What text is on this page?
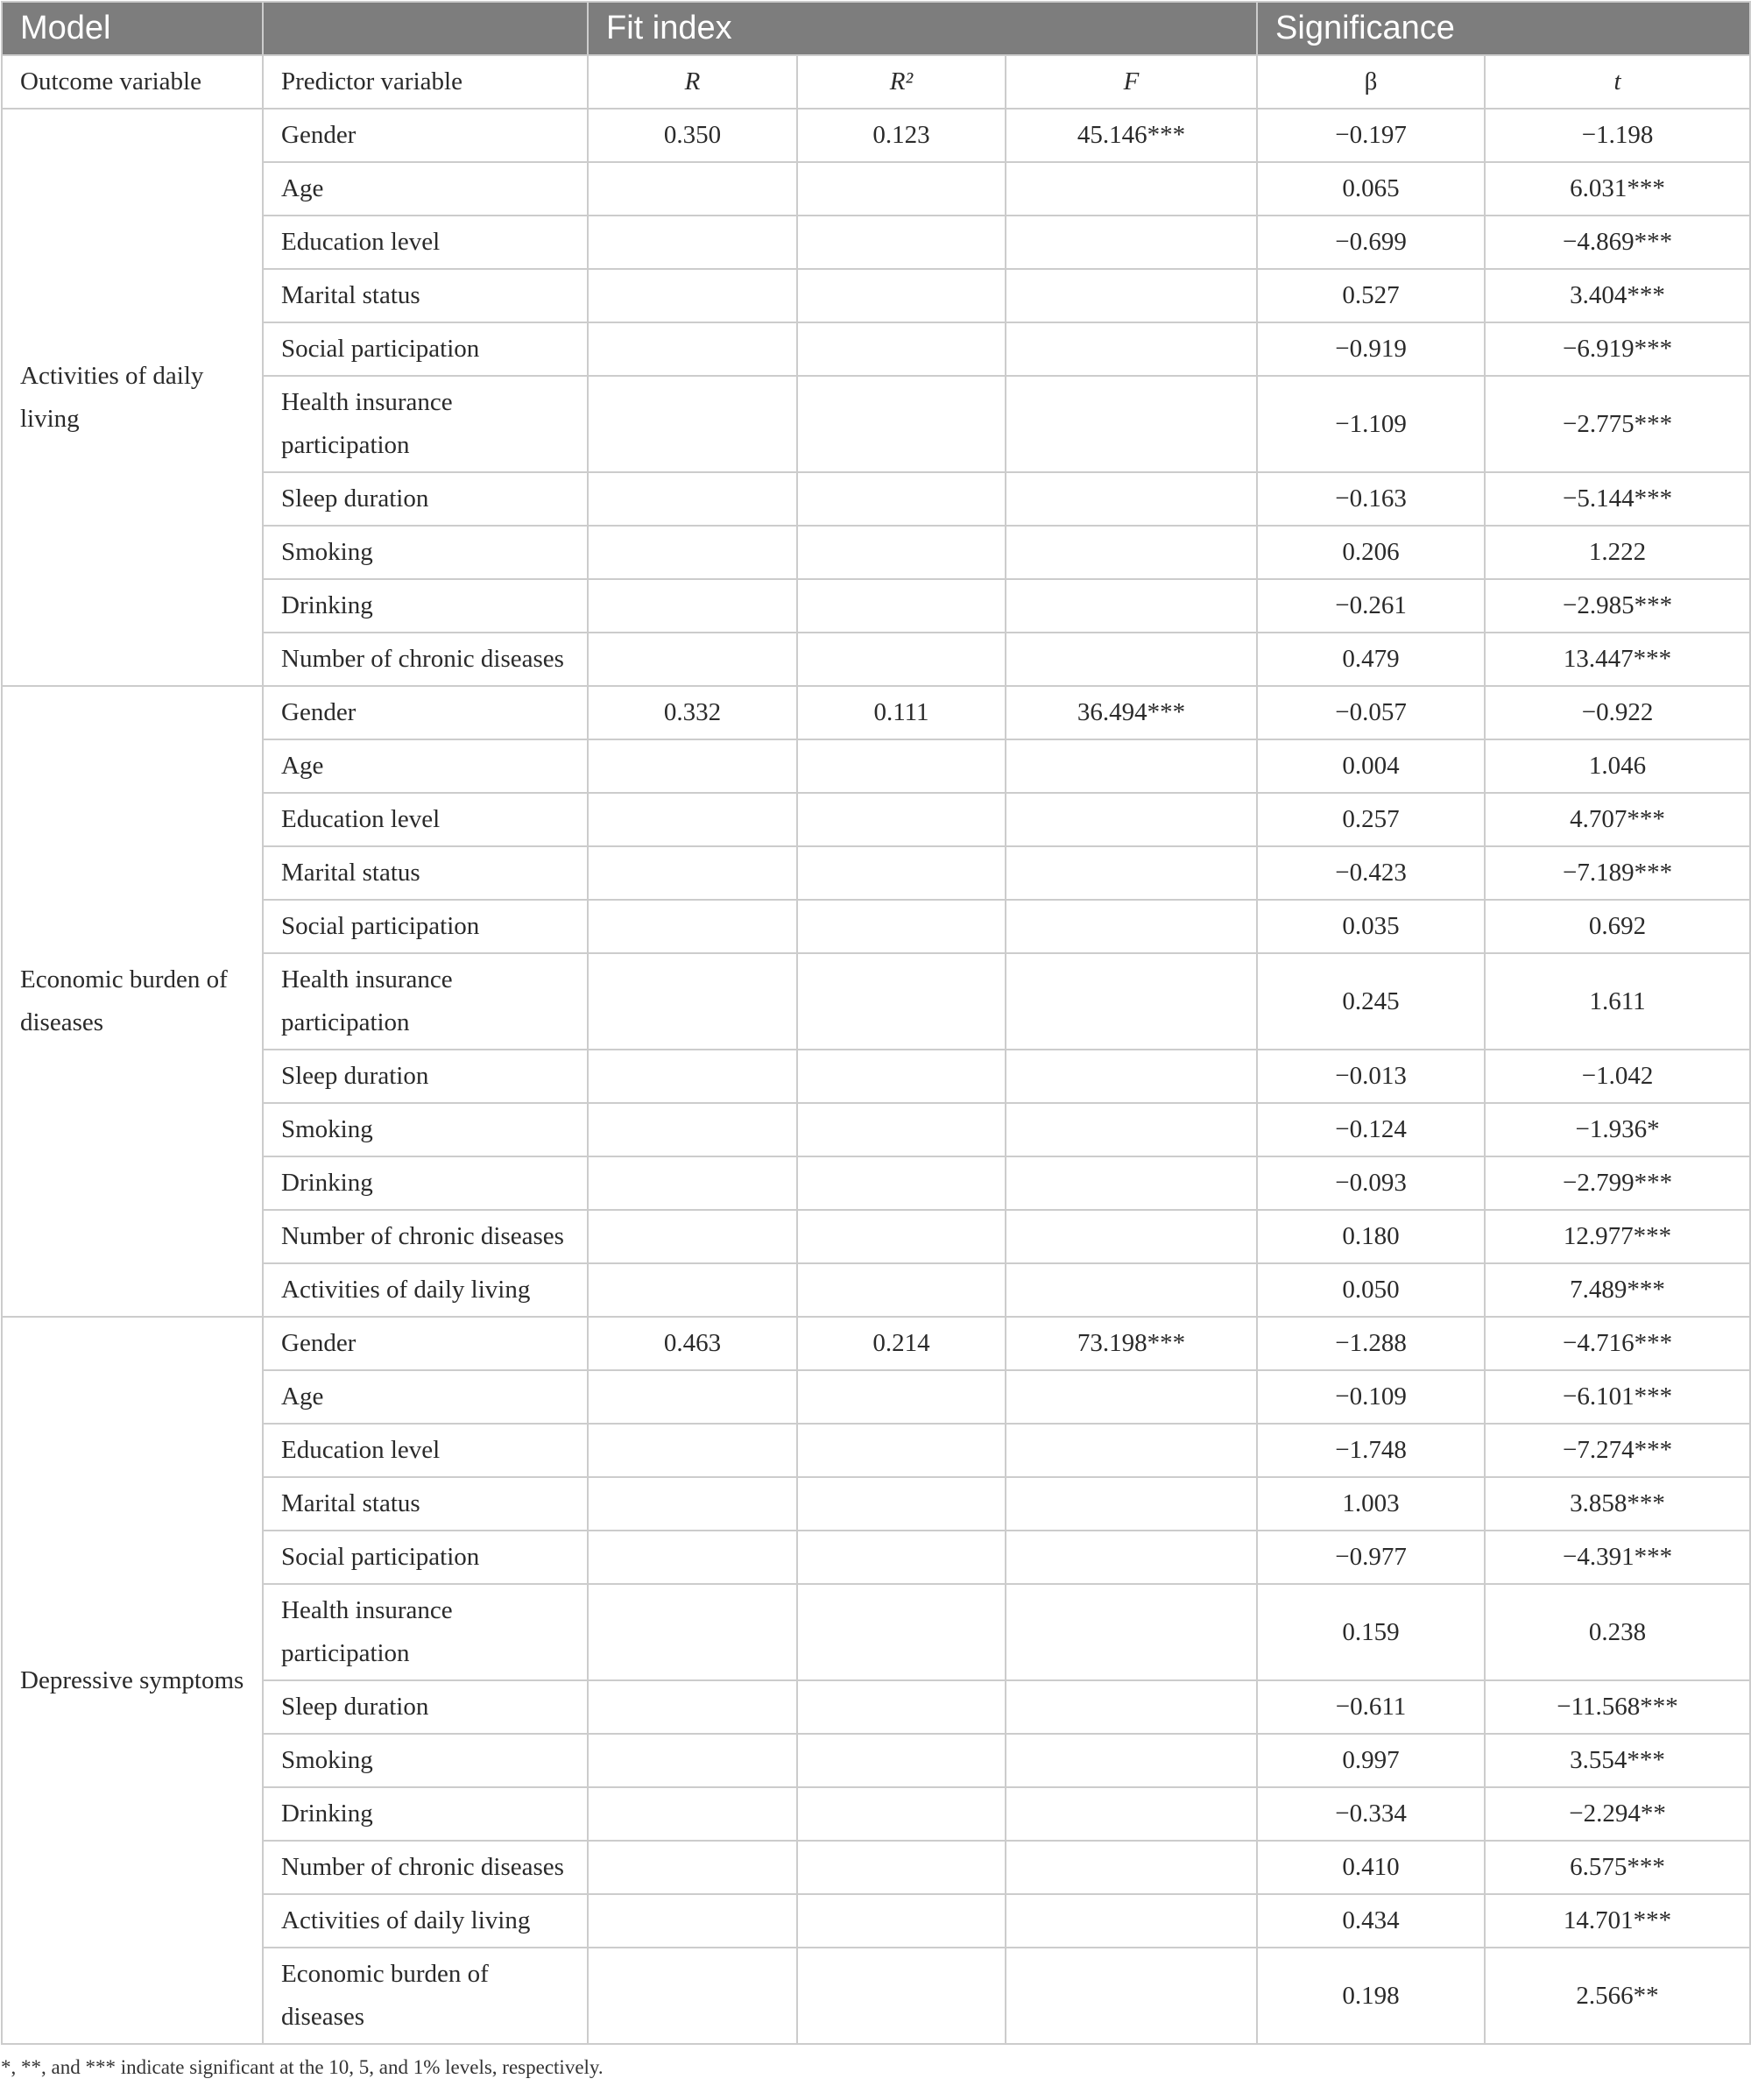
Model		Fit index			Significance	
Outcome variable	Predictor variable	R	R²	F	β	t

Activities of daily living	Gender	0.350	0.123	45.146***	−0.197	−1.198

	Age				0.065	6.031***

	Education level				−0.699	−4.869***

	Marital status				0.527	3.404***

	Social participation				−0.919	−6.919***

	Health insurance participation				−1.109	−2.775***

	Sleep duration				−0.163	−5.144***

	Smoking				0.206	1.222

	Drinking				−0.261	−2.985***

	Number of chronic diseases				0.479	13.447***

Economic burden of diseases	Gender	0.332	0.111	36.494***	−0.057	−0.922

	Age				0.004	1.046

	Education level				0.257	4.707***

	Marital status				−0.423	−7.189***

	Social participation				0.035	0.692

	Health insurance participation				0.245	1.611

	Sleep duration				−0.013	−1.042

	Smoking				−0.124	−1.936*

	Drinking				−0.093	−2.799***

	Number of chronic diseases				0.180	12.977***

	Activities of daily living				0.050	7.489***

Depressive symptoms	Gender	0.463	0.214	73.198***	−1.288	−4.716***

	Age				−0.109	−6.101***

	Education level				−1.748	−7.274***

	Marital status				1.003	3.858***

	Social participation				−0.977	−4.391***

	Health insurance participation				0.159	0.238

	Sleep duration				−0.611	−11.568***

	Smoking				0.997	3.554***

	Drinking				−0.334	−2.294**

	Number of chronic diseases				0.410	6.575***

	Activities of daily living				0.434	14.701***

	Economic burden of diseases				0.198	2.566**
*, **, and *** indicate significant at the 10, 5, and 1% levels, respectively.
